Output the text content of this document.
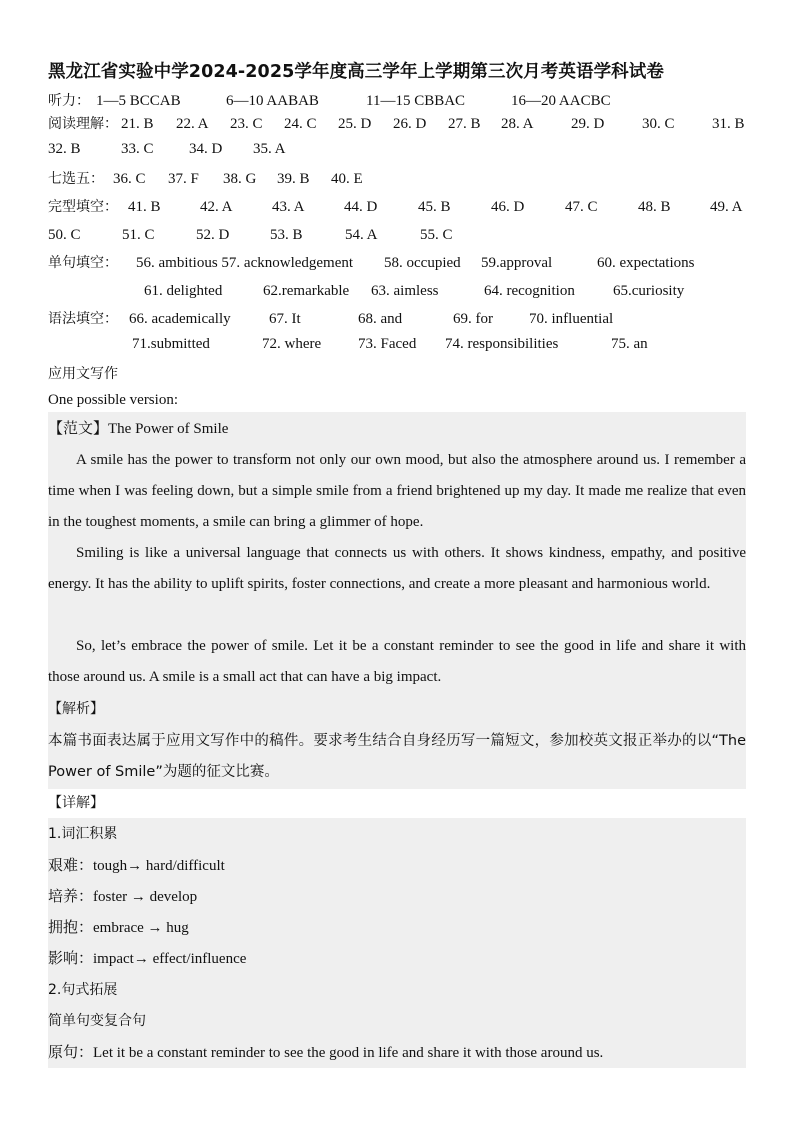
黑龙江省实验中学2024-2025学年度高三学年上学期第三次月考英语学科试卷
听力： 1—5 BCCAB	6—10 AABAB	11—15 CBBAC	16—20 AACBC
阅读理解： 21. B 22. A 23. C 24. C 25. D 26. D 27. B 28. A 29. D	30. C 31. B
32. B	33. C 34. D 35. A
七选五： 36. C 37. F 38. G 39. B 40. E
完型填空： 41. B	42. A	43. A	44. D	45. B	46. D	47. C	48. B	49. A
50. C	51. C	52. D	53. B	54. A	55. C
单句填空： 56. ambitious 57. acknowledgement 58. occupied 59.approval	60. expectations
61. delighted	62.remarkable 63. aimless	64. recognition	65.curiosity
语法填空： 66. academically	67. It	68. and	69. for 70. influential
71.submitted	72. where 73. Faced 74. responsibilities	75. an
应用文写作
One possible version:
【范文】The Power of Smile
A smile has the power to transform not only our own mood, but also the atmosphere around us. I remember a time when I was feeling down, but a simple smile from a friend brightened up my day. It made me realize that even in the toughest moments, a smile can bring a glimmer of hope.
Smiling is like a universal language that connects us with others. It shows kindness, empathy, and positive energy. It has the ability to uplift spirits, foster connections, and create a more pleasant and harmonious world.
So, let’s embrace the power of smile. Let it be a constant reminder to see the good in life and share it with those around us. A smile is a small act that can have a big impact.
【解析】
本篇书面表达属于应用文写作中的稿件。要求考生结合自身经历写一篇短文，参加校英文报正举办的以“The Power of Smile”为题的征文比赛。
【详解】
1.词汇积累
艰难：tough→ hard/difficult
培养：foster → develop
拥抱：embrace → hug
影响：impact→ effect/influence
2.句式拓展
简单句变复合句
原句：Let it be a constant reminder to see the good in life and share it with those around us.
